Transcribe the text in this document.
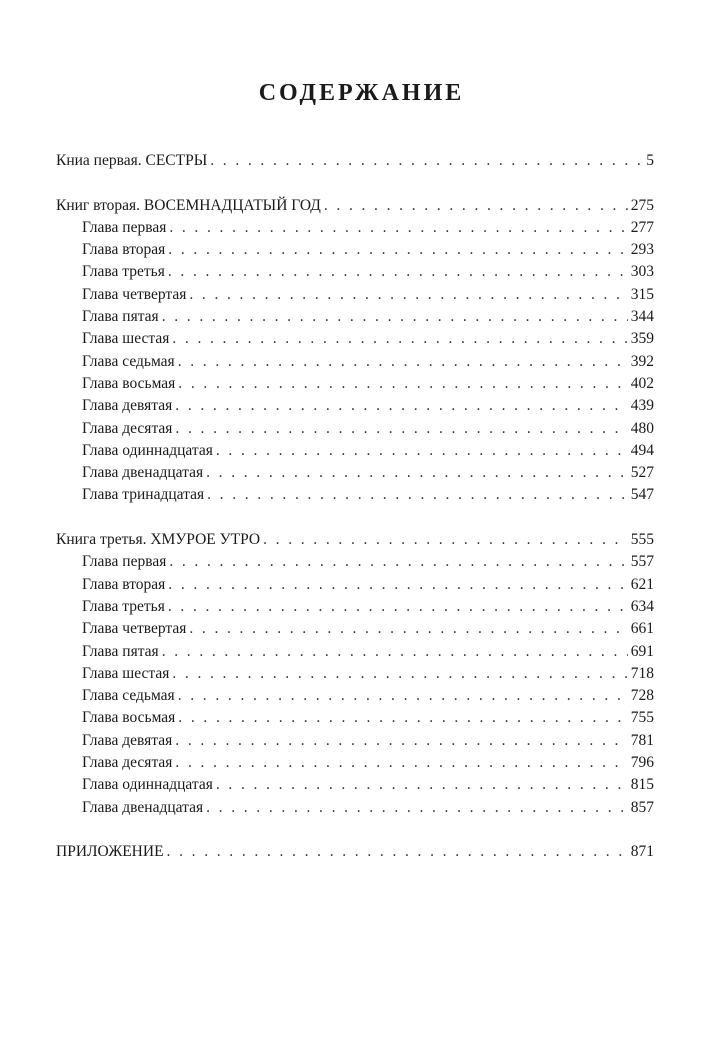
СОДЕРЖАНИЕ
Книа первая. СЕСТРЫ . . .	5
Книг вторая. ВОСЕМНАДЦАТЫЙ ГОД . . .	275
Глава первая . . .	277
Глава вторая . . .	293
Глава третья . . .	303
Глава четвертая . . .	315
Глава пятая . . .	344
Глава шестая . . .	359
Глава седьмая . . .	392
Глава восьмая . . .	402
Глава девятая . . .	439
Глава десятая . . .	480
Глава одиннадцатая . . .	494
Глава двенадцатая . . .	527
Глава тринадцатая . . .	547
Книга третья. ХМУРОЕ УТРО . . .	555
Глава первая . . .	557
Глава вторая . . .	621
Глава третья . . .	634
Глава четвертая . . .	661
Глава пятая . . .	691
Глава шестая . . .	718
Глава седьмая . . .	728
Глава восьмая . . .	755
Глава девятая . . .	781
Глава десятая . . .	796
Глава одиннадцатая . . .	815
Глава двенадцатая . . .	857
ПРИЛОЖЕНИЕ . . .	871
